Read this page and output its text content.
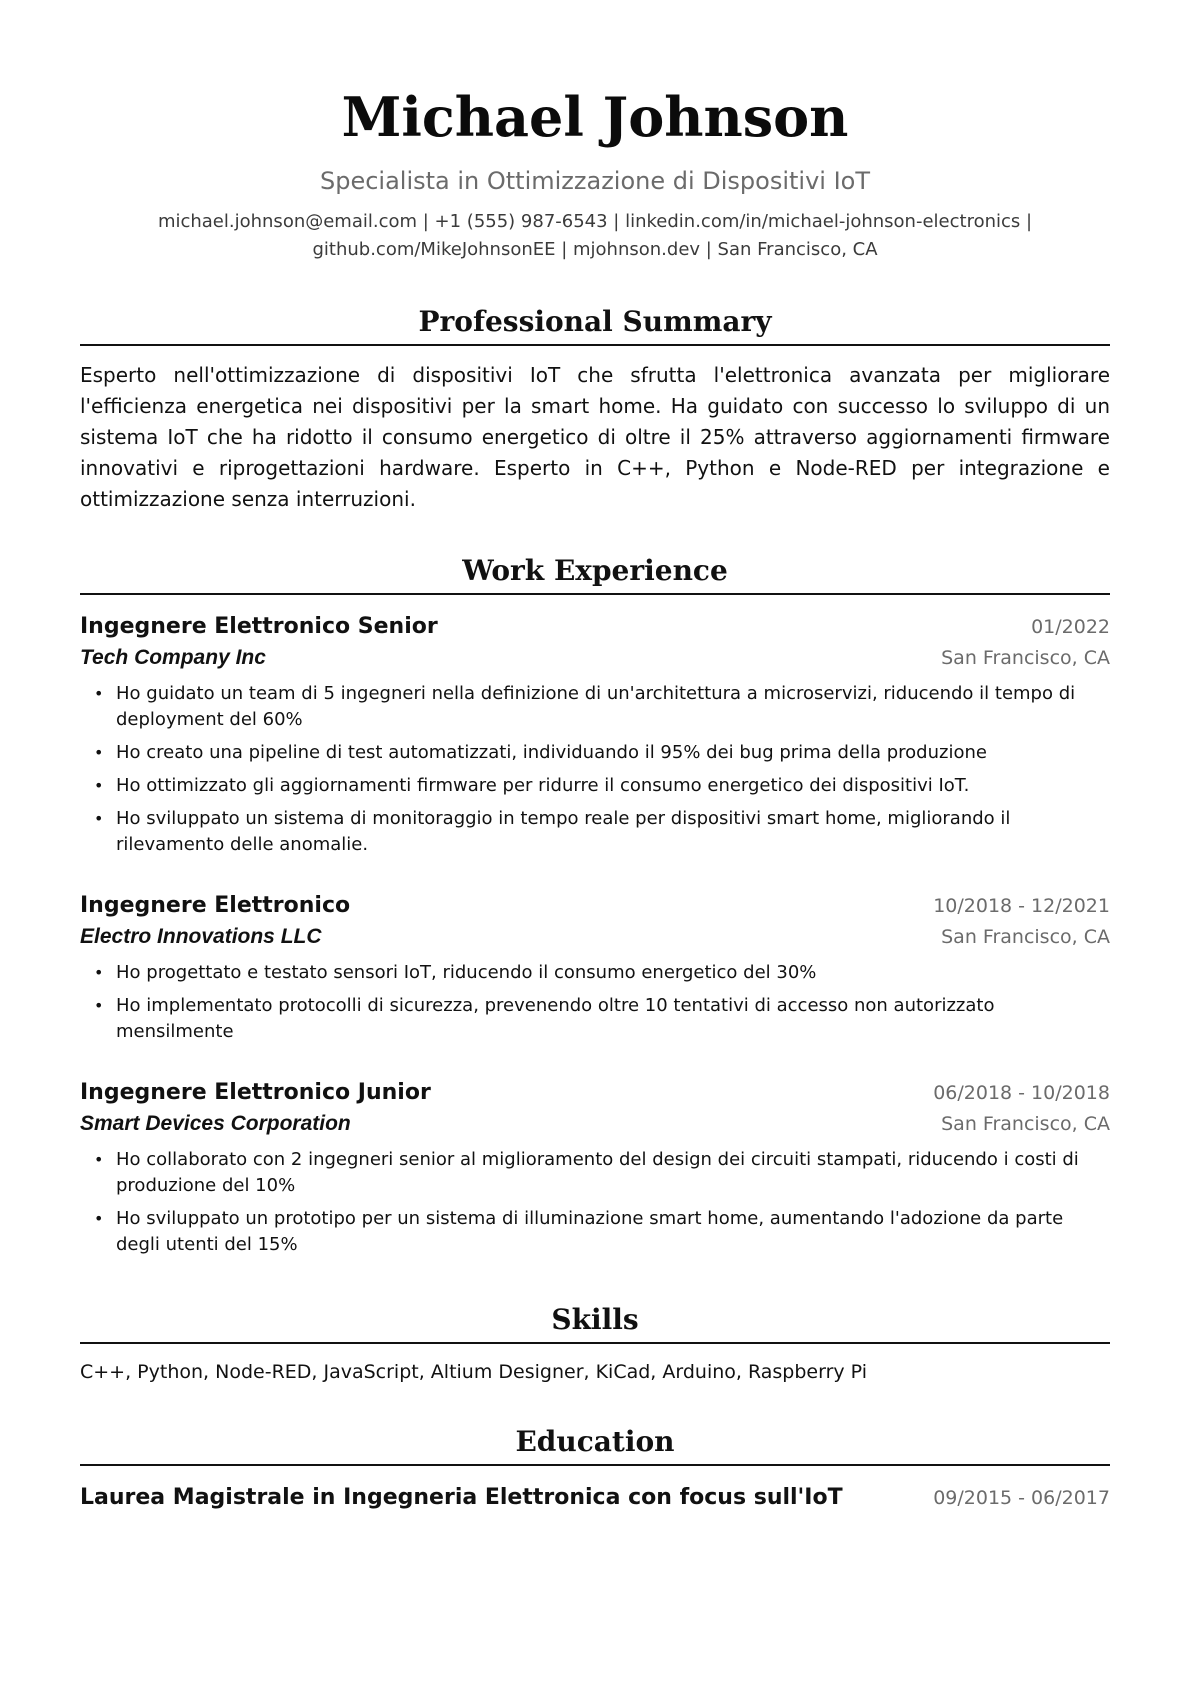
Michael Johnson
Specialista in Ottimizzazione di Dispositivi IoT
michael.johnson@email.com | +1 (555) 987-6543 | linkedin.com/in/michael-johnson-electronics |
github.com/MikeJohnsonEE | mjohnson.dev | San Francisco, CA
Professional Summary
Esperto nell'ottimizzazione di dispositivi IoT che sfrutta l'elettronica avanzata per migliorare l'efficienza energetica nei dispositivi per la smart home. Ha guidato con successo lo sviluppo di un sistema IoT che ha ridotto il consumo energetico di oltre il 25% attraverso aggiornamenti firmware innovativi e riprogettazioni hardware. Esperto in C++, Python e Node-RED per integrazione e ottimizzazione senza interruzioni.
Work Experience
Ingegnere Elettronico Senior	01/2022
Tech Company Inc	San Francisco, CA
• Ho guidato un team di 5 ingegneri nella definizione di un'architettura a microservizi, riducendo il tempo di deployment del 60%
• Ho creato una pipeline di test automatizzati, individuando il 95% dei bug prima della produzione
• Ho ottimizzato gli aggiornamenti firmware per ridurre il consumo energetico dei dispositivi IoT.
• Ho sviluppato un sistema di monitoraggio in tempo reale per dispositivi smart home, migliorando il rilevamento delle anomalie.
Ingegnere Elettronico	10/2018 - 12/2021
Electro Innovations LLC	San Francisco, CA
• Ho progettato e testato sensori IoT, riducendo il consumo energetico del 30%
• Ho implementato protocolli di sicurezza, prevenendo oltre 10 tentativi di accesso non autorizzato mensilmente
Ingegnere Elettronico Junior	06/2018 - 10/2018
Smart Devices Corporation	San Francisco, CA
• Ho collaborato con 2 ingegneri senior al miglioramento del design dei circuiti stampati, riducendo i costi di produzione del 10%
• Ho sviluppato un prototipo per un sistema di illuminazione smart home, aumentando l'adozione da parte degli utenti del 15%
Skills
C++, Python, Node-RED, JavaScript, Altium Designer, KiCad, Arduino, Raspberry Pi
Education
Laurea Magistrale in Ingegneria Elettronica con focus sull'IoT	09/2015 - 06/2017
